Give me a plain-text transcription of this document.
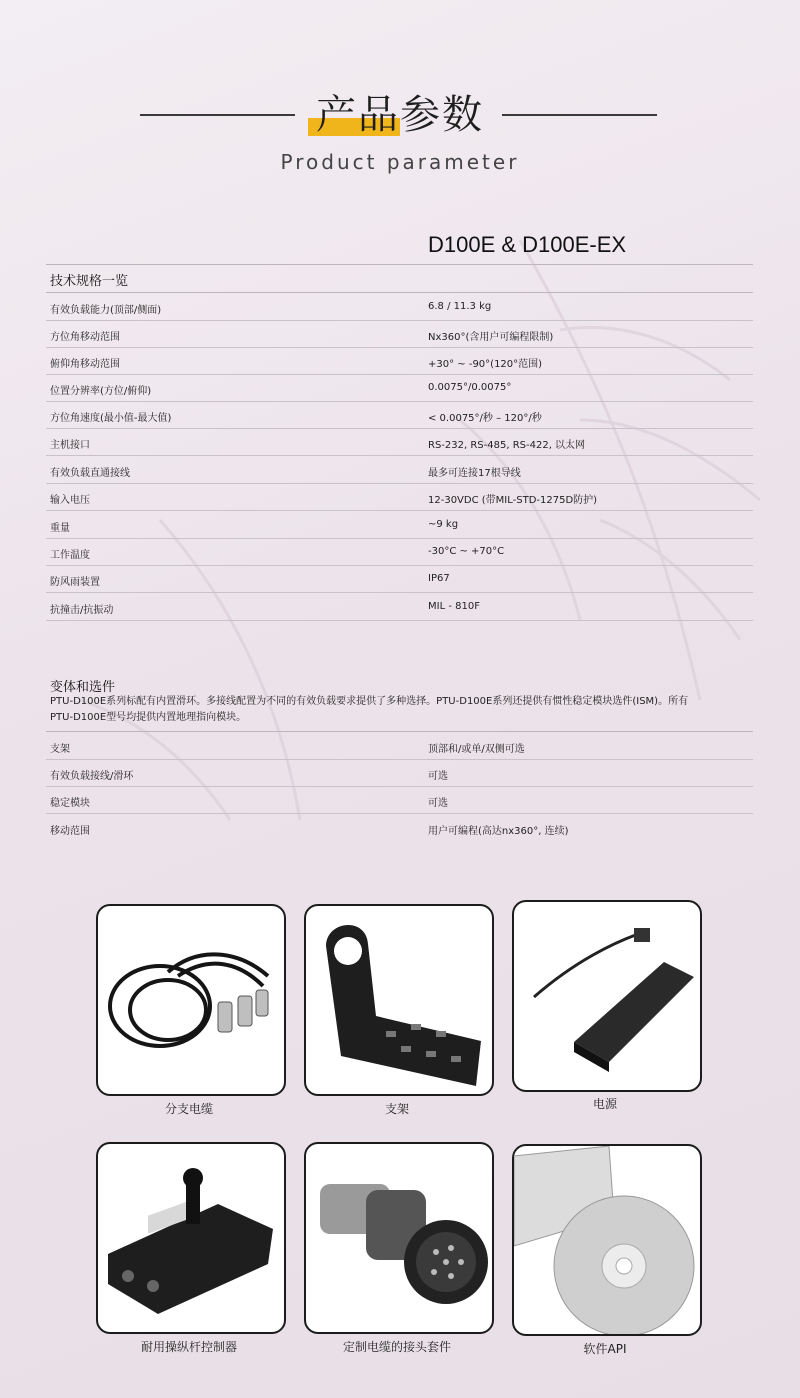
产品参数
Product parameter
D100E & D100E-EX
技术规格一览
有效负载能力(顶部/侧面)	6.8 / 11.3 kg
方位角移动范围	Nx360°(含用户可编程限制)
俯仰角移动范围	+30° ~ -90°(120°范围)
位置分辨率(方位/俯仰)	0.0075°/0.0075°
方位角速度(最小值-最大值)	< 0.0075°/秒 – 120°/秒
主机接口	RS-232, RS-485, RS-422, 以太网
有效负载直通接线	最多可连接17根导线
输入电压	12-30VDC (带MIL-STD-1275D防护)
重量	~9 kg
工作温度	-30°C ~ +70°C
防风雨装置	IP67
抗撞击/抗振动	MIL - 810F
变体和选件
PTU-D100E系列标配有内置滑环。多接线配置为不同的有效负载要求提供了多种选择。PTU-D100E系列还提供有惯性稳定模块选件(ISM)。所有
PTU-D100E型号均提供内置地理指向模块。
支架	顶部和/或单/双侧可选
有效负载接线/滑环	可选
稳定模块	可选
移动范围	用户可编程(高达nx360°, 连续)
分支电缆	支架	电源
耐用操纵杆控制器	定制电缆的接头套件	软件API
